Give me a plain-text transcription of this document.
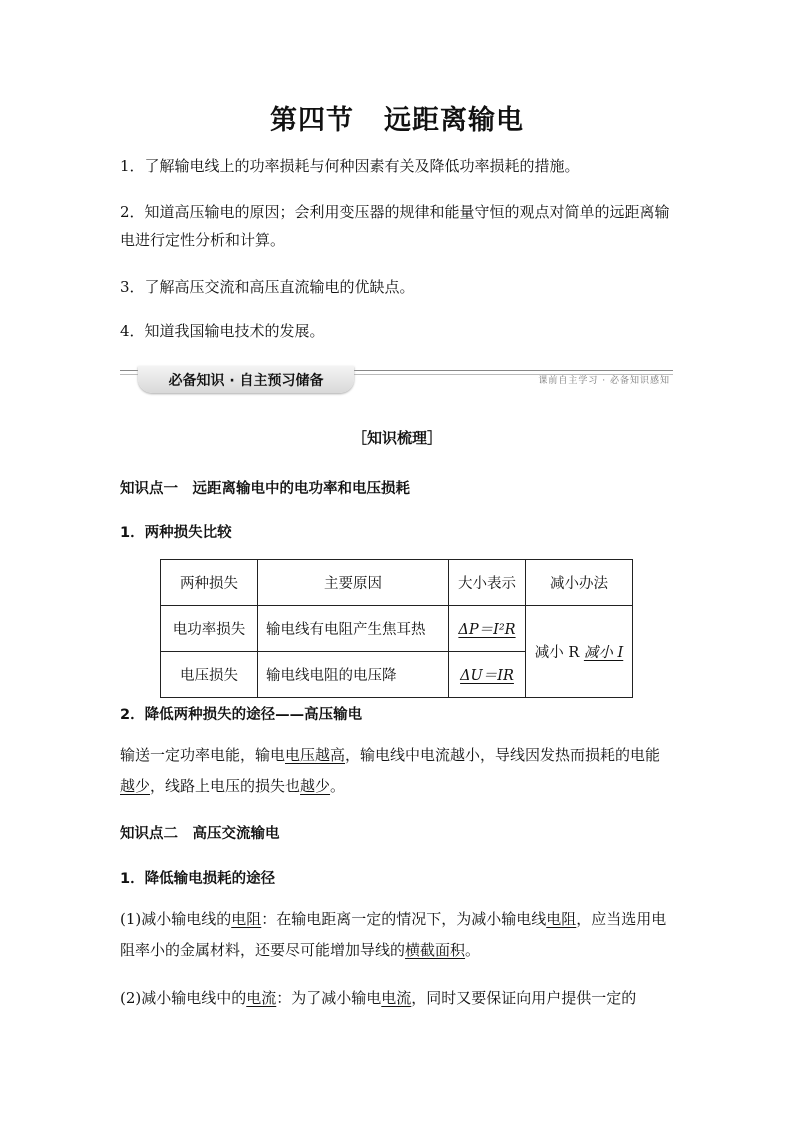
第四节 远距离输电
1．了解输电线上的功率损耗与何种因素有关及降低功率损耗的措施。
2．知道高压输电的原因；会利用变压器的规律和能量守恒的观点对简单的远距离输电进行定性分析和计算。
3．了解高压交流和高压直流输电的优缺点。
4．知道我国输电技术的发展。
必备知识 · 自主预习储备	课前自主学习 · 必备知识感知
［知识梳理］
知识点一　远距离输电中的电功率和电压损耗
1．两种损失比较
两种损失	主要原因	大小表示	减小办法
电功率损失	输电线有电阻产生焦耳热	ΔP＝I²R	减小 R 减小 I
电压损失	输电线电阻的电压降	ΔU＝IR	
2．降低两种损失的途径——高压输电
输送一定功率电能，输电电压越高，输电线中电流越小，导线因发热而损耗的电能越少，线路上电压的损失也越少。
知识点二　高压交流输电
1．降低输电损耗的途径
(1)减小输电线的电阻：在输电距离一定的情况下，为减小输电线电阻，应当选用电阻率小的金属材料，还要尽可能增加导线的横截面积。
(2)减小输电线中的电流：为了减小输电电流，同时又要保证向用户提供一定的
